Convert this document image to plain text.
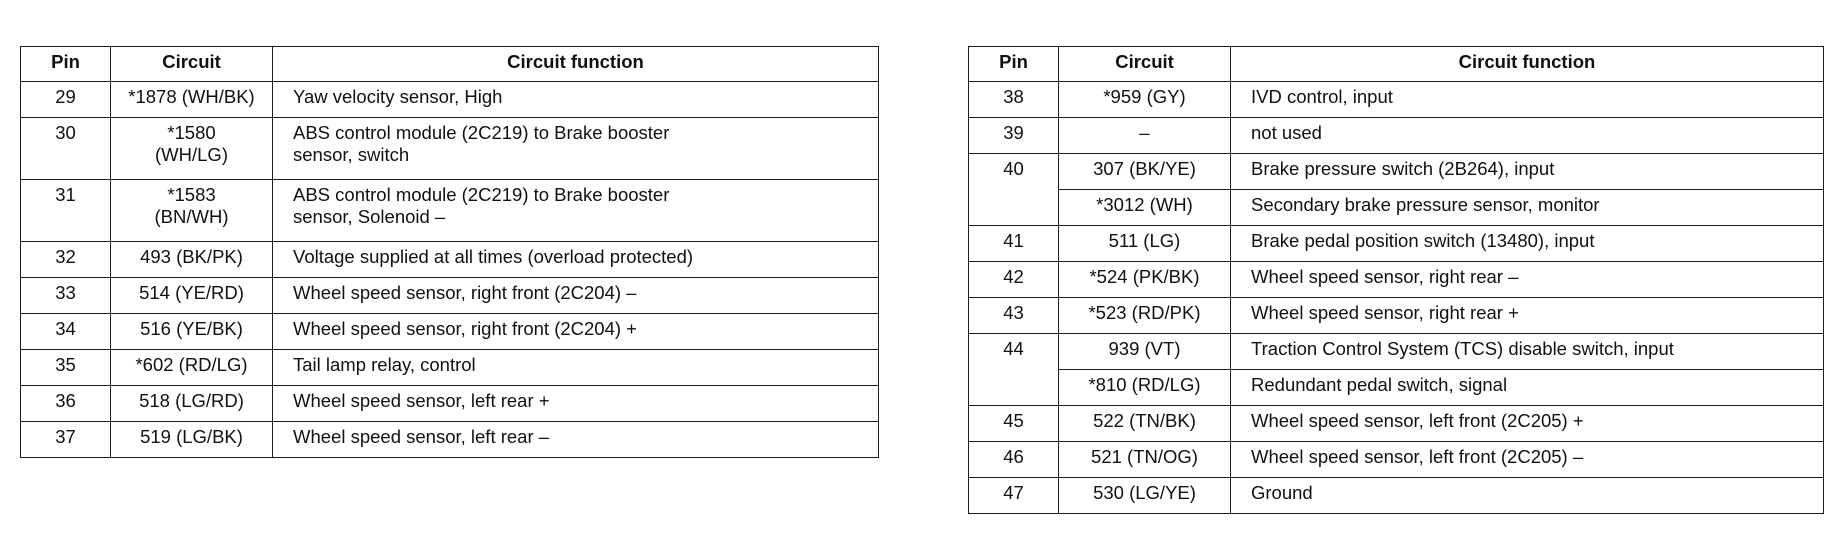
Pin	Circuit	Circuit function
29	*1878 (WH/BK)	Yaw velocity sensor, High
30	*1580 (WH/LG)	ABS control module (2C219) to Brake booster sensor, switch
31	*1583 (BN/WH)	ABS control module (2C219) to Brake booster sensor, Solenoid –
32	493 (BK/PK)	Voltage supplied at all times (overload protected)
33	514 (YE/RD)	Wheel speed sensor, right front (2C204) –
34	516 (YE/BK)	Wheel speed sensor, right front (2C204) +
35	*602 (RD/LG)	Tail lamp relay, control
36	518 (LG/RD)	Wheel speed sensor, left rear +
37	519 (LG/BK)	Wheel speed sensor, left rear –
Pin	Circuit	Circuit function
38	*959 (GY)	IVD control, input
39	–	not used
40	307 (BK/YE)	Brake pressure switch (2B264), input
	*3012 (WH)	Secondary brake pressure sensor, monitor
41	511 (LG)	Brake pedal position switch (13480), input
42	*524 (PK/BK)	Wheel speed sensor, right rear –
43	*523 (RD/PK)	Wheel speed sensor, right rear +
44	939 (VT)	Traction Control System (TCS) disable switch, input
	*810 (RD/LG)	Redundant pedal switch, signal
45	522 (TN/BK)	Wheel speed sensor, left front (2C205) +
46	521 (TN/OG)	Wheel speed sensor, left front (2C205) –
47	530 (LG/YE)	Ground
